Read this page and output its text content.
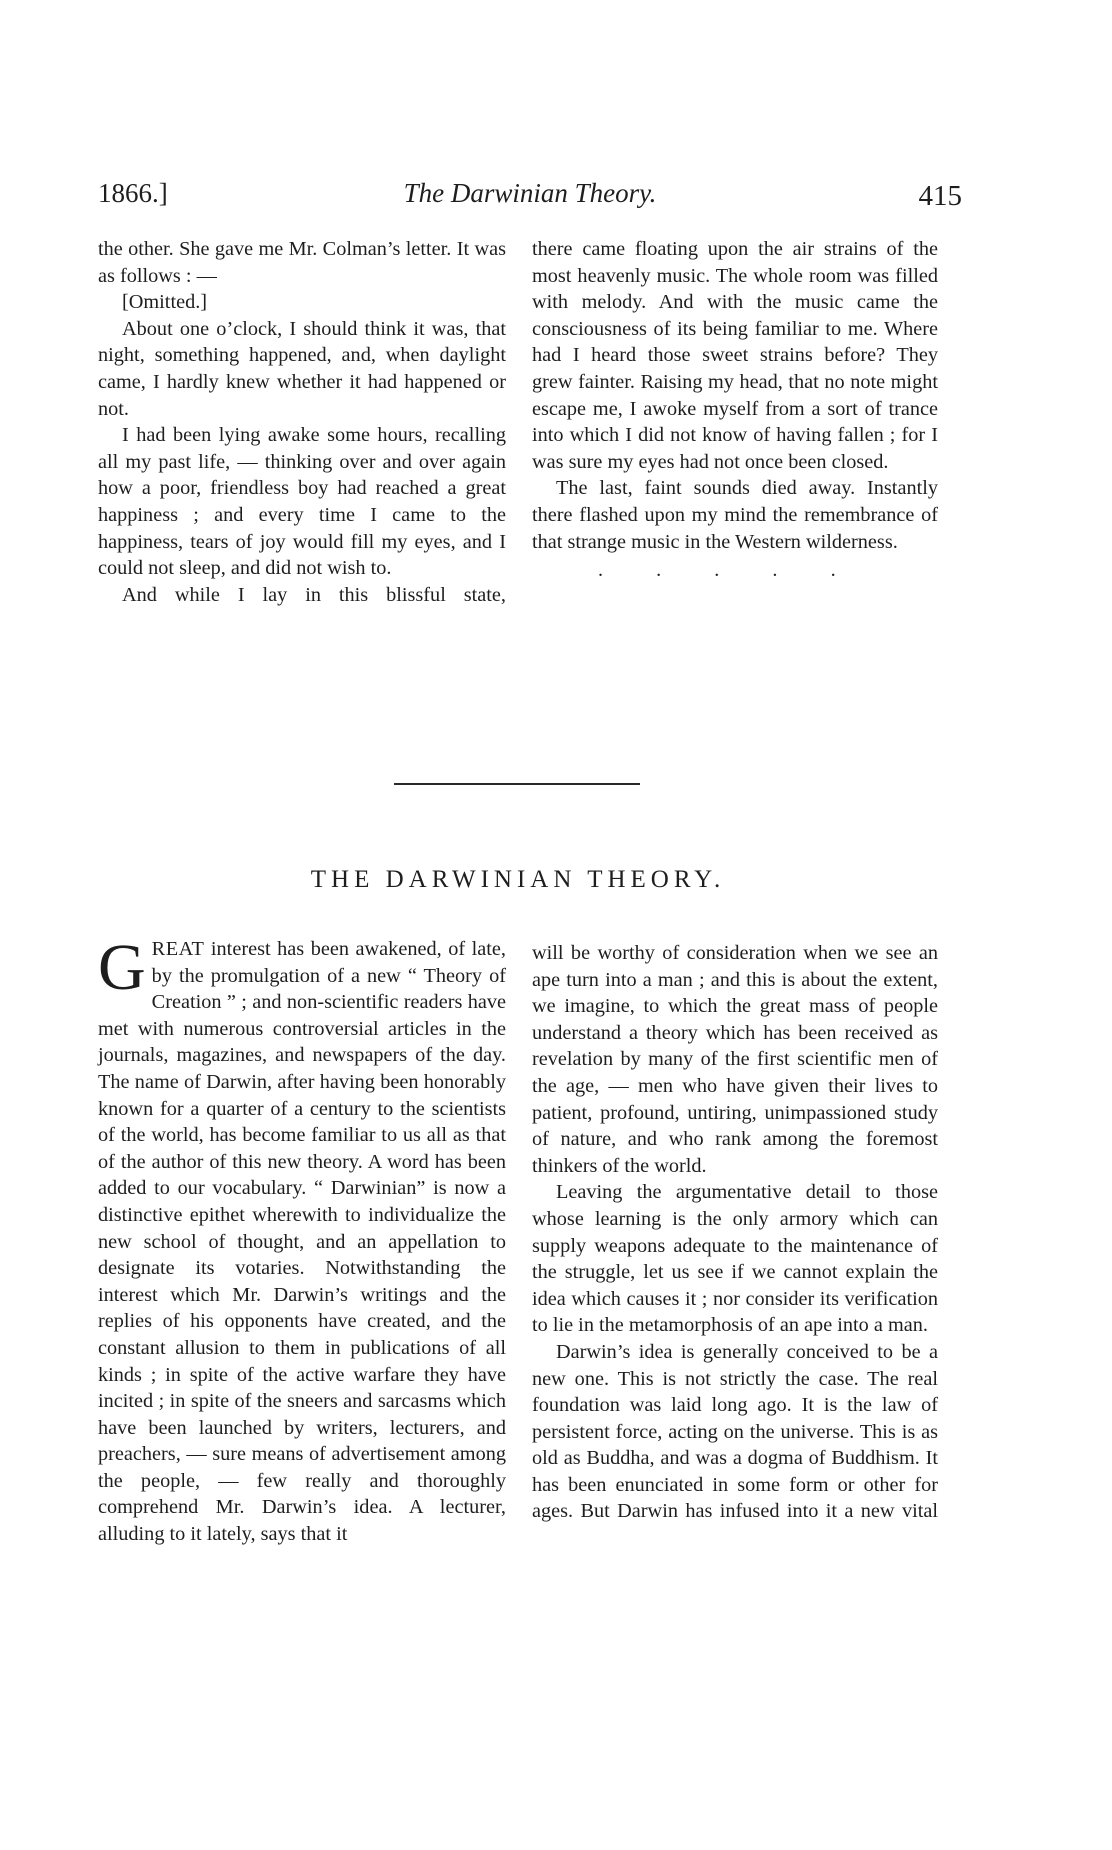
1866.]	The Darwinian Theory.	415

the other. She gave me Mr. Colman’s letter. It was as follows : —

[Omitted.]

About one o’clock, I should think it was, that night, something happened, and, when daylight came, I hardly knew whether it had happened or not.

I had been lying awake some hours, recalling all my past life, — thinking over and over again how a poor, friendless boy had reached a great happiness ; and every time I came to the happiness, tears of joy would fill my eyes, and I could not sleep, and did not wish to.

And while I lay in this blissful state,

there came floating upon the air strains of the most heavenly music. The whole room was filled with melody. And with the music came the consciousness of its being familiar to me. Where had I heard those sweet strains before? They grew fainter. Raising my head, that no note might escape me, I awoke myself from a sort of trance into which I did not know of having fallen ; for I was sure my eyes had not once been closed.

The last, faint sounds died away. Instantly there flashed upon my mind the remembrance of that strange music in the Western wilderness.

. . . . .

THE DARWINIAN THEORY.

GREAT interest has been awakened, of late, by the promulgation of a new “ Theory of Creation ” ; and non-scientific readers have met with numerous controversial articles in the journals, magazines, and newspapers of the day. The name of Darwin, after having been honorably known for a quarter of a century to the scientists of the world, has become familiar to us all as that of the author of this new theory. A word has been added to our vocabulary. “ Darwinian” is now a distinctive epithet wherewith to individualize the new school of thought, and an appellation to designate its votaries. Notwithstanding the interest which Mr. Darwin’s writings and the replies of his opponents have created, and the constant allusion to them in publications of all kinds ; in spite of the active warfare they have incited ; in spite of the sneers and sarcasms which have been launched by writers, lecturers, and preachers, — sure means of advertisement among the people, — few really and thoroughly comprehend Mr. Darwin’s idea. A lecturer, alluding to it lately, says that it

will be worthy of consideration when we see an ape turn into a man ; and this is about the extent, we imagine, to which the great mass of people understand a theory which has been received as revelation by many of the first scientific men of the age, — men who have given their lives to patient, profound, untiring, unimpassioned study of nature, and who rank among the foremost thinkers of the world.

Leaving the argumentative detail to those whose learning is the only armory which can supply weapons adequate to the maintenance of the struggle, let us see if we cannot explain the idea which causes it ; nor consider its verification to lie in the metamorphosis of an ape into a man.

Darwin’s idea is generally conceived to be a new one. This is not strictly the case. The real foundation was laid long ago. It is the law of persistent force, acting on the universe. This is as old as Buddha, and was a dogma of Buddhism. It has been enunciated in some form or other for ages. But Darwin has infused into it a new vital
